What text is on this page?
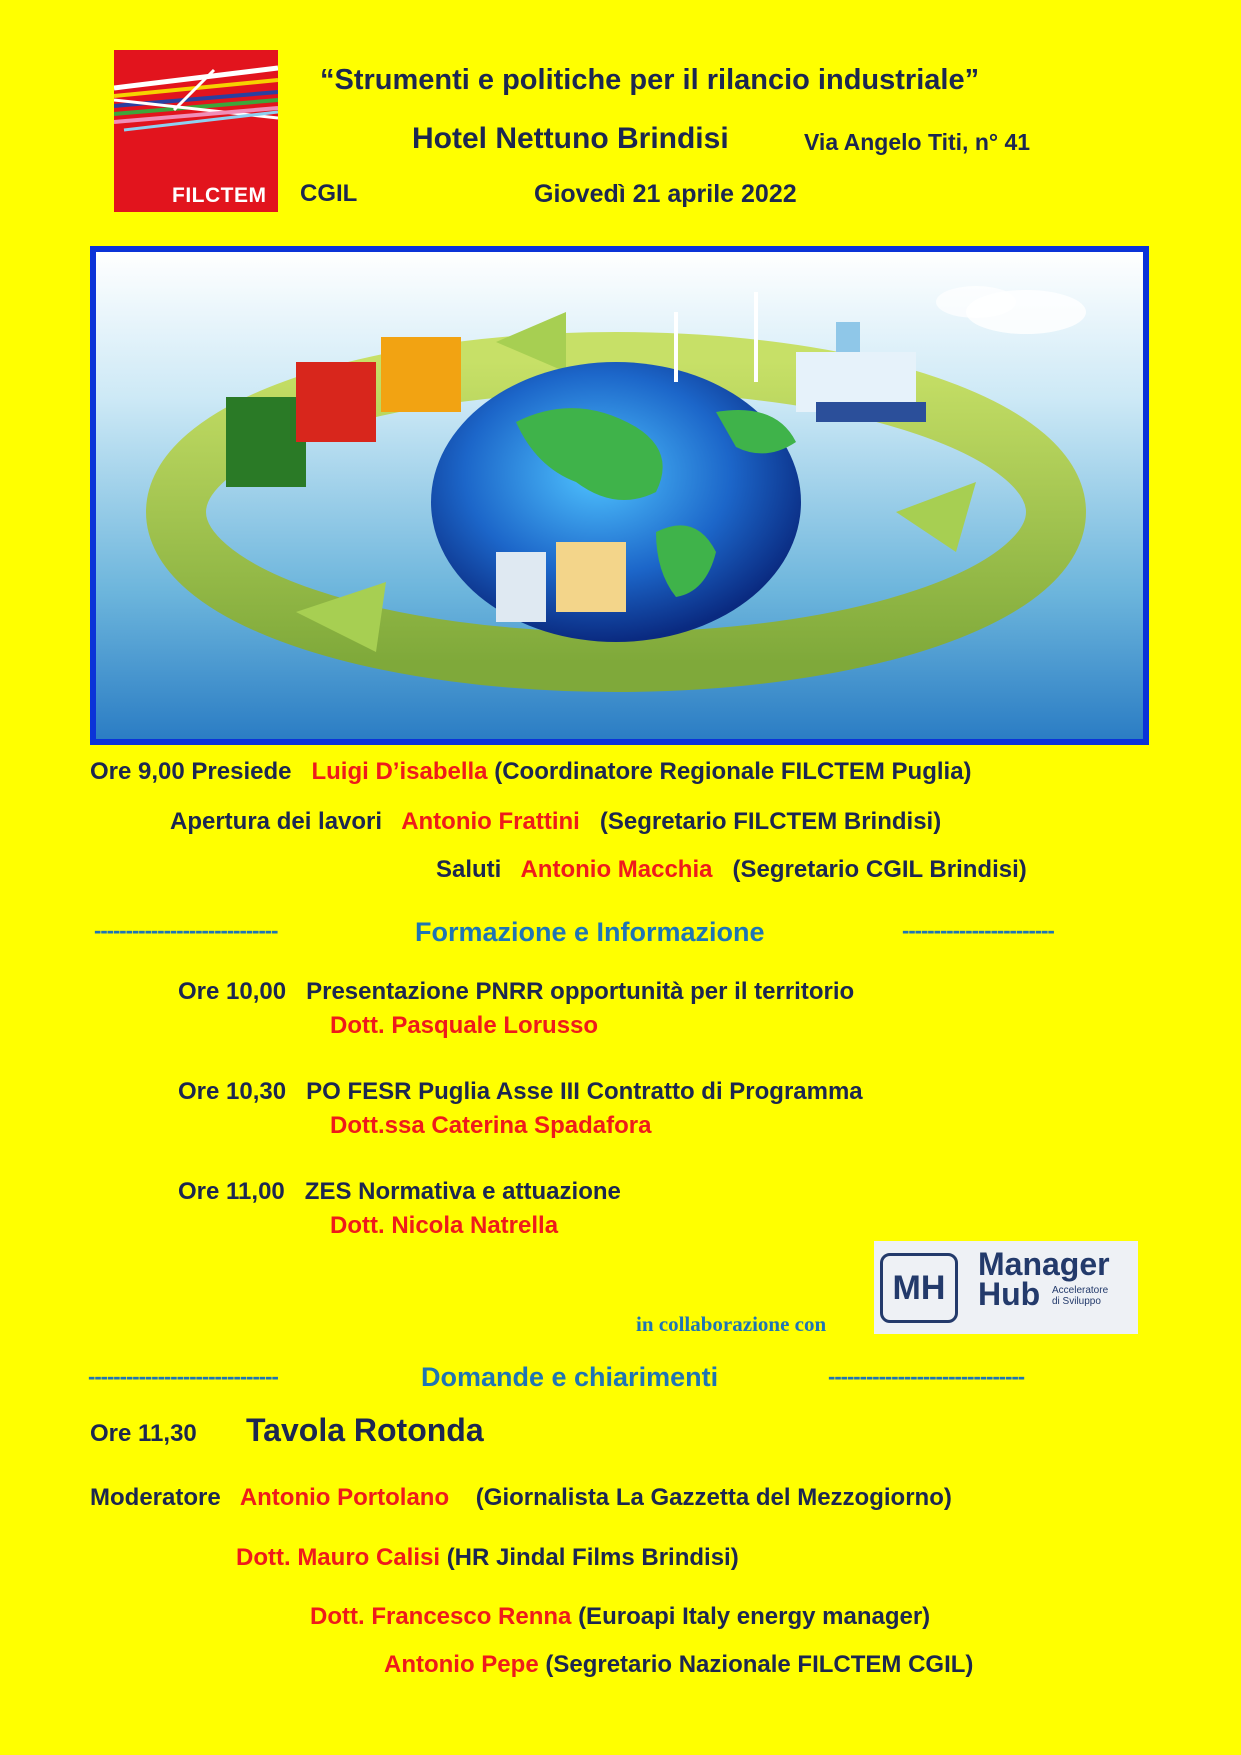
FILCTEM
“Strumenti e politiche per il rilancio industriale”
Hotel Nettuno Brindisi	Via Angelo Titi, n° 41
CGIL	Giovedì 21 aprile 2022
Ore 9,00 Presiede Luigi D’isabella (Coordinatore Regionale FILCTEM Puglia)
Apertura dei lavori Antonio Frattini (Segretario FILCTEM Brindisi)
Saluti Antonio Macchia (Segretario CGIL Brindisi)
-----------------------------	Formazione e Informazione	------------------------
Ore 10,00 Presentazione PNRR opportunità per il territorio
Dott. Pasquale Lorusso
Ore 10,30 PO FESR Puglia Asse III Contratto di Programma
Dott.ssa Caterina Spadafora
Ore 11,00 ZES Normativa e attuazione
Dott. Nicola Natrella
in collaborazione con
MH
Manager
Hub Acceleratore
di Sviluppo
------------------------------	Domande e chiarimenti	-------------------------------
Ore 11,30 Tavola Rotonda
Moderatore Antonio Portolano (Giornalista La Gazzetta del Mezzogiorno)
Dott. Mauro Calisi (HR Jindal Films Brindisi)
Dott. Francesco Renna (Euroapi Italy energy manager)
Antonio Pepe (Segretario Nazionale FILCTEM CGIL)
